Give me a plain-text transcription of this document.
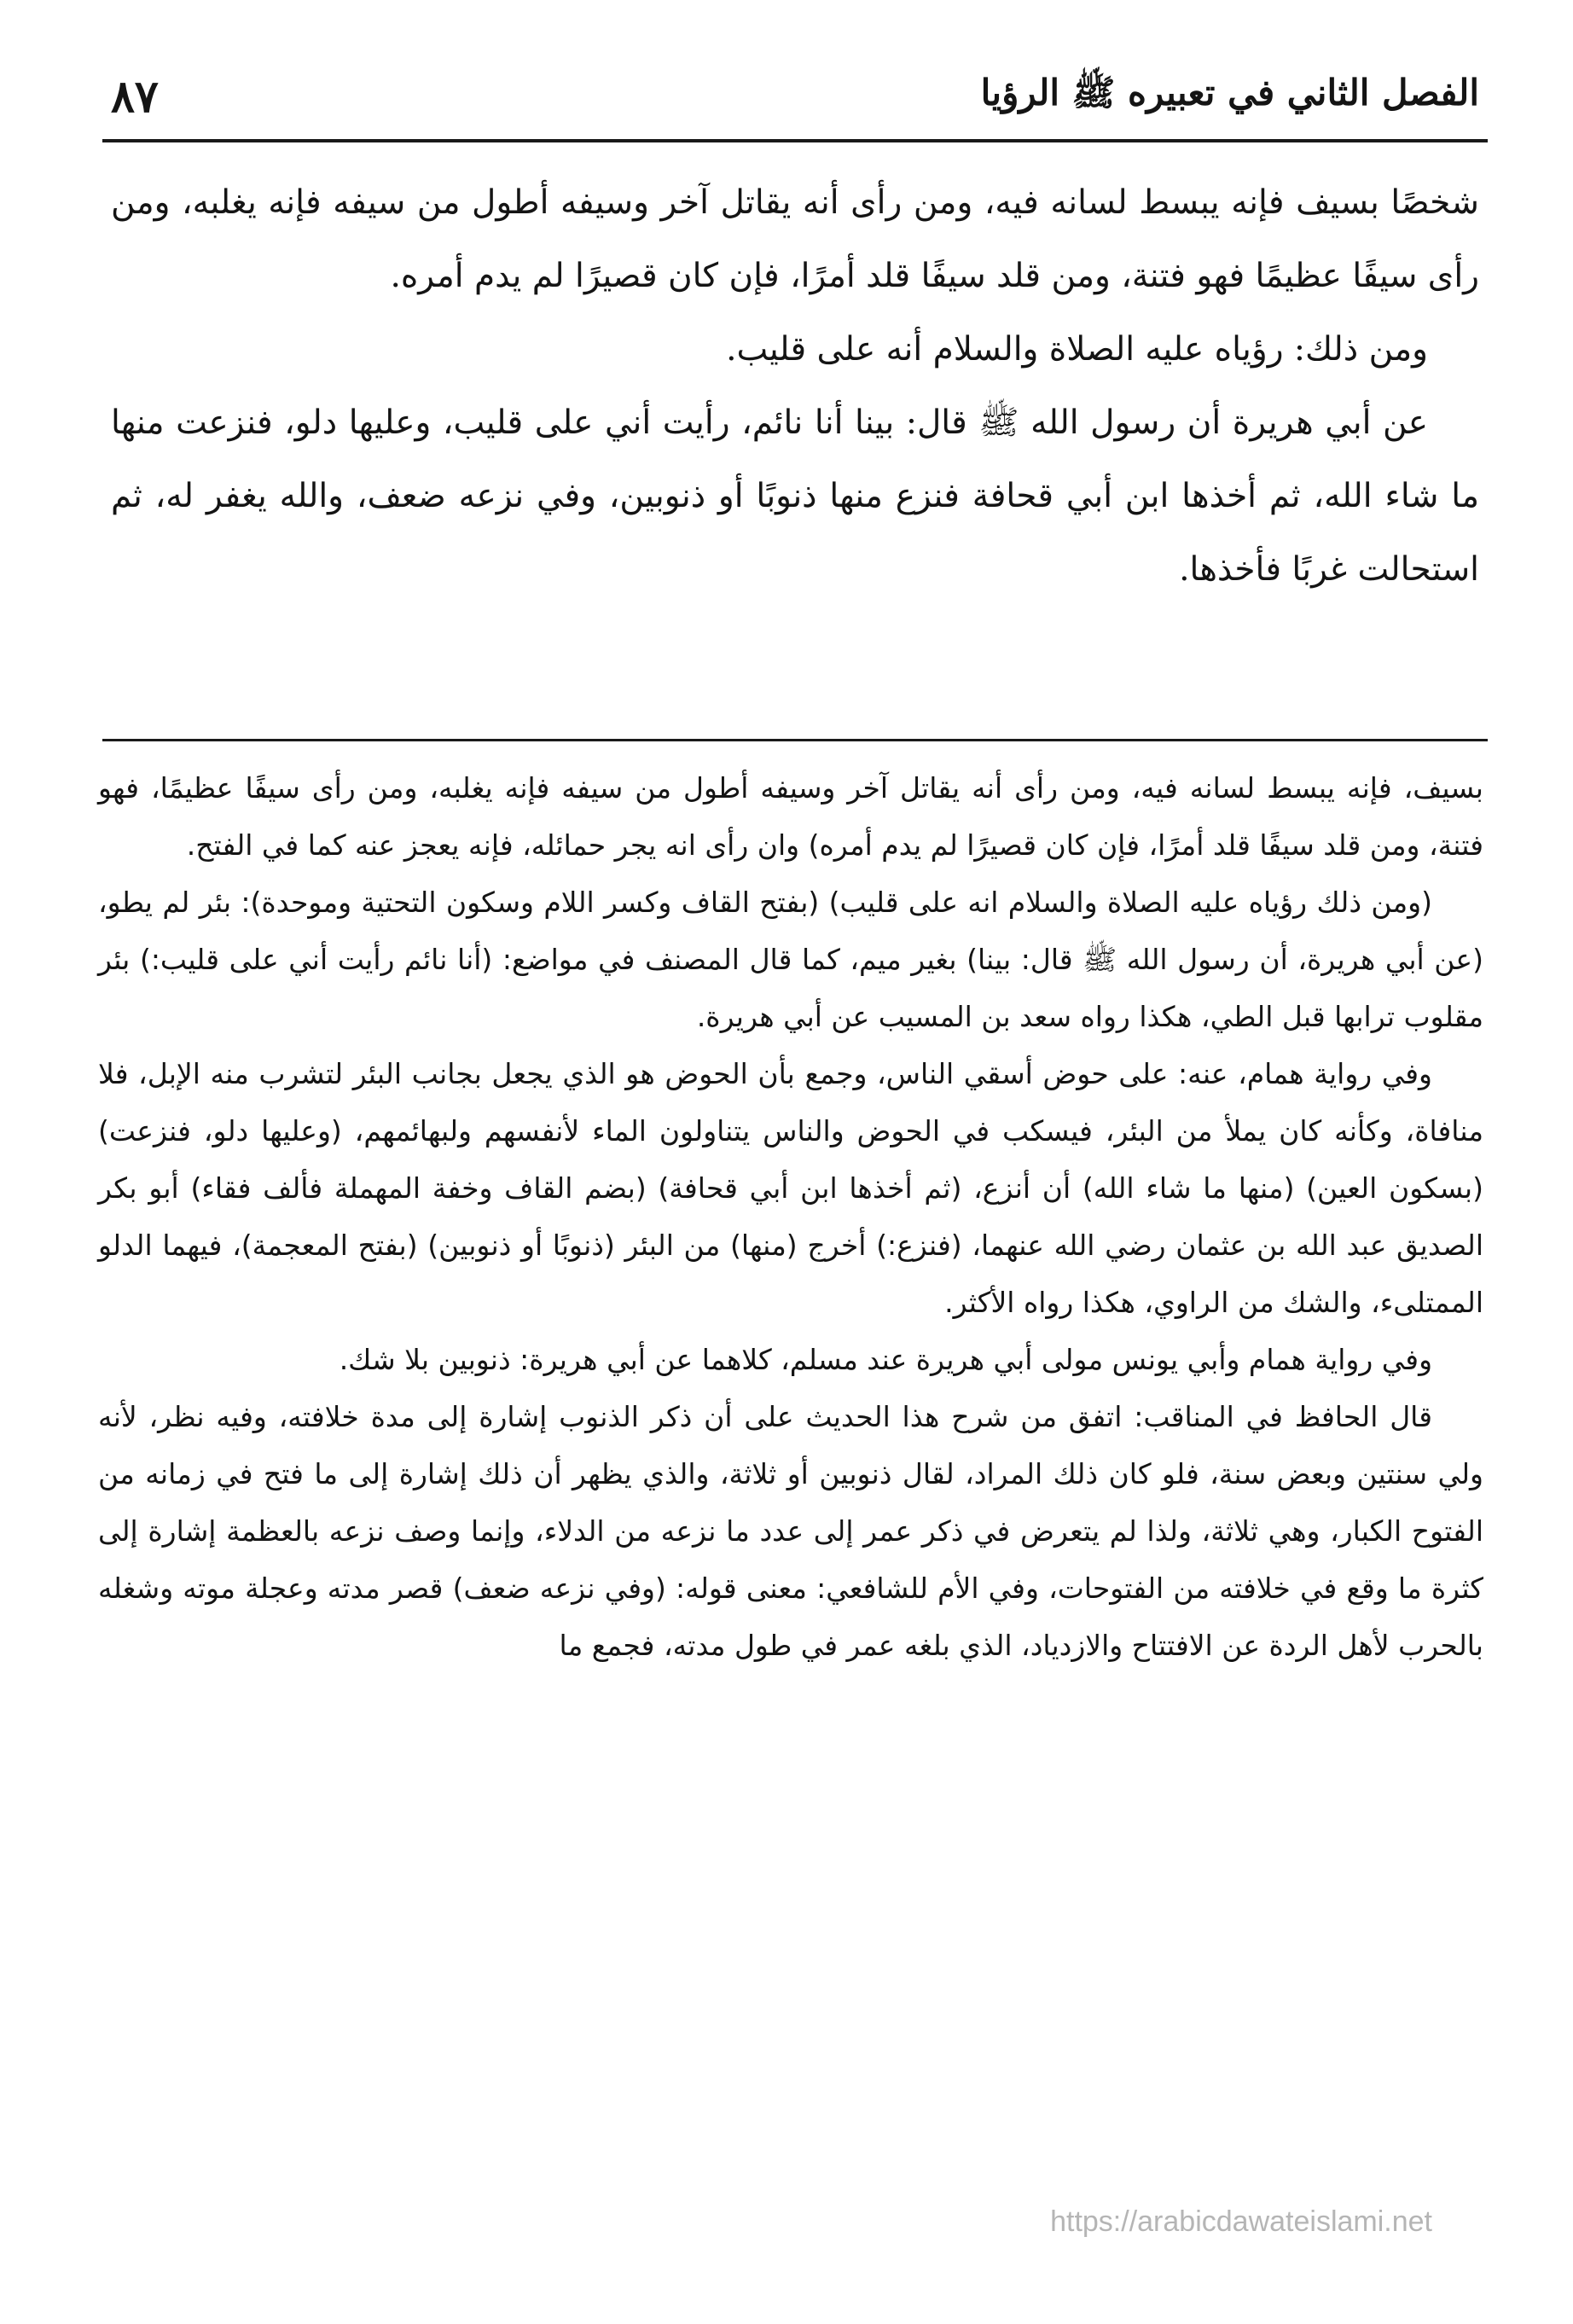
٨٧	الفصل الثاني في تعبيره ﷺ الرؤيا

شخصًا بسيف فإنه يبسط لسانه فيه، ومن رأى أنه يقاتل آخر وسيفه أطول من سيفه فإنه يغلبه، ومن رأى سيفًا عظيمًا فهو فتنة، ومن قلد سيفًا قلد أمرًا، فإن كان قصيرًا لم يدم أمره.

ومن ذلك: رؤياه عليه الصلاة والسلام أنه على قليب.

عن أبي هريرة أن رسول الله ﷺ قال: بينا أنا نائم، رأيت أني على قليب، وعليها دلو، فنزعت منها ما شاء الله، ثم أخذها ابن أبي قحافة فنزع منها ذنوبًا أو ذنوبين، وفي نزعه ضعف، والله يغفر له، ثم استحالت غربًا فأخذها.

بسيف، فإنه يبسط لسانه فيه، ومن رأى أنه يقاتل آخر وسيفه أطول من سيفه فإنه يغلبه، ومن رأى سيفًا عظيمًا، فهو فتنة، ومن قلد سيفًا قلد أمرًا، فإن كان قصيرًا لم يدم أمره) وان رأى انه يجر حمائله، فإنه يعجز عنه كما في الفتح.

(ومن ذلك رؤياه عليه الصلاة والسلام انه على قليب) (بفتح القاف وكسر اللام وسكون التحتية وموحدة): بئر لم يطو، (عن أبي هريرة، أن رسول الله ﷺ قال: بينا) بغير ميم، كما قال المصنف في مواضع: (أنا نائم رأيت أني على قليب:) بئر مقلوب ترابها قبل الطي، هكذا رواه سعد بن المسيب عن أبي هريرة.

وفي رواية همام، عنه: على حوض أسقي الناس، وجمع بأن الحوض هو الذي يجعل بجانب البئر لتشرب منه الإبل، فلا منافاة، وكأنه كان يملأ من البئر، فيسكب في الحوض والناس يتناولون الماء لأنفسهم ولبهائمهم، (وعليها دلو، فنزعت) (بسكون العين) (منها ما شاء الله) أن أنزع، (ثم أخذها ابن أبي قحافة) (بضم القاف وخفة المهملة فألف فقاء) أبو بكر الصديق عبد الله بن عثمان رضي الله عنهما، (فنزع:) أخرج (منها) من البئر (ذنوبًا أو ذنوبين) (بفتح المعجمة)، فيهما الدلو الممتلىء، والشك من الراوي، هكذا رواه الأكثر.

وفي رواية همام وأبي يونس مولى أبي هريرة عند مسلم، كلاهما عن أبي هريرة: ذنوبين بلا شك.

قال الحافظ في المناقب: اتفق من شرح هذا الحديث على أن ذكر الذنوب إشارة إلى مدة خلافته، وفيه نظر، لأنه ولي سنتين وبعض سنة، فلو كان ذلك المراد، لقال ذنوبين أو ثلاثة، والذي يظهر أن ذلك إشارة إلى ما فتح في زمانه من الفتوح الكبار، وهي ثلاثة، ولذا لم يتعرض في ذكر عمر إلى عدد ما نزعه من الدلاء، وإنما وصف نزعه بالعظمة إشارة إلى كثرة ما وقع في خلافته من الفتوحات، وفي الأم للشافعي: معنى قوله: (وفي نزعه ضعف) قصر مدته وعجلة موته وشغله بالحرب لأهل الردة عن الافتتاح والازدياد، الذي بلغه عمر في طول مدته، فجمع ما

https://arabicdawateislami.net
